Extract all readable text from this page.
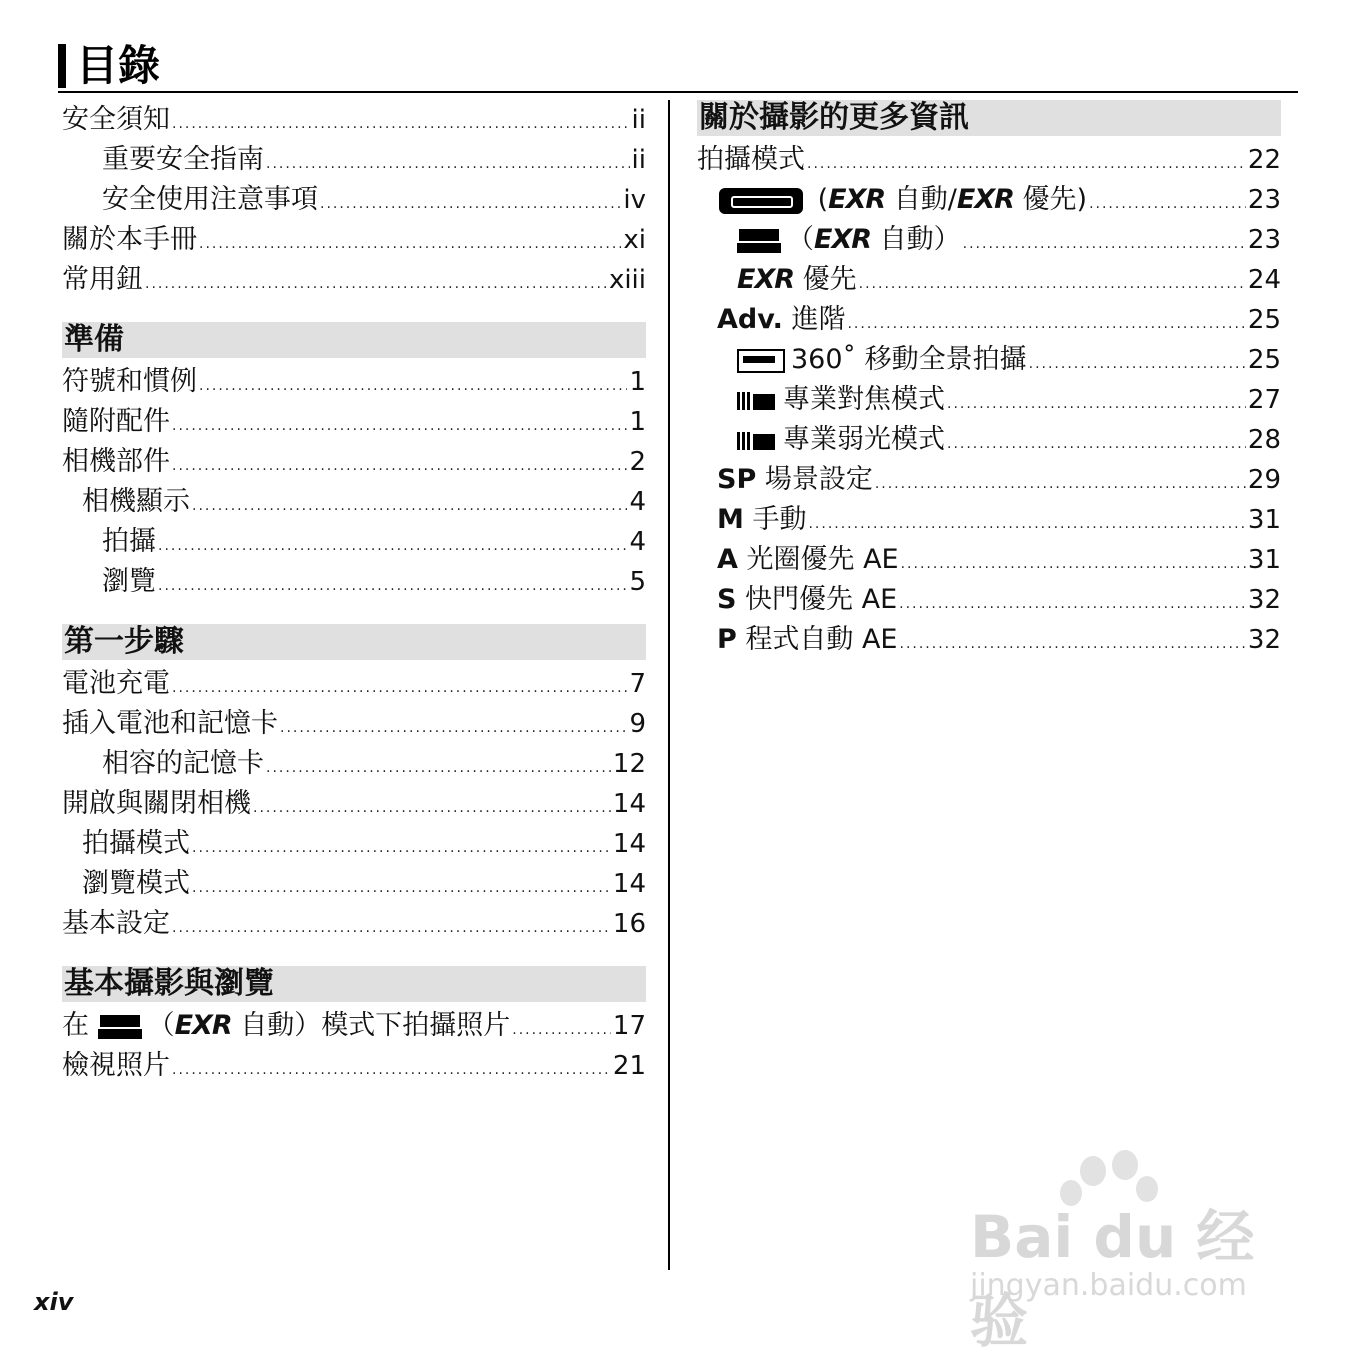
目錄
安全須知 .....	ii
重要安全指南 .....	ii
安全使用注意事項 .....	iv
關於本手冊 .....	xi
常用鈕 .....	xiii
準備
符號和慣例 .....	1
隨附配件 .....	1
相機部件 .....	2
相機顯示 .....	4
拍攝 .....	4
瀏覽 .....	5
第一步驟
電池充電 .....	7
插入電池和記憶卡 .....	9
相容的記憶卡 .....	12
開啟與關閉相機 .....	14
拍攝模式 .....	14
瀏覽模式 .....	14
基本設定 .....	16
基本攝影與瀏覽
在 （EXR 自動）模式下拍攝照片 .....	17
檢視照片 .....	21
關於攝影的更多資訊
拍攝模式 .....	22
(EXR 自動/EXR 優先) .....	23
（EXR 自動） .....	23
EXR 優先 .....	24
Adv. 進階 .....	25
360˚ 移動全景拍攝 .....	25
專業對焦模式 .....	27
專業弱光模式 .....	28
SP 場景設定 .....	29
M 手動 .....	31
A 光圈優先 AE .....	31
S 快門優先 AE .....	32
P 程式自動 AE .....	32
xiv
Bai du 经验
jingyan.baidu.com
